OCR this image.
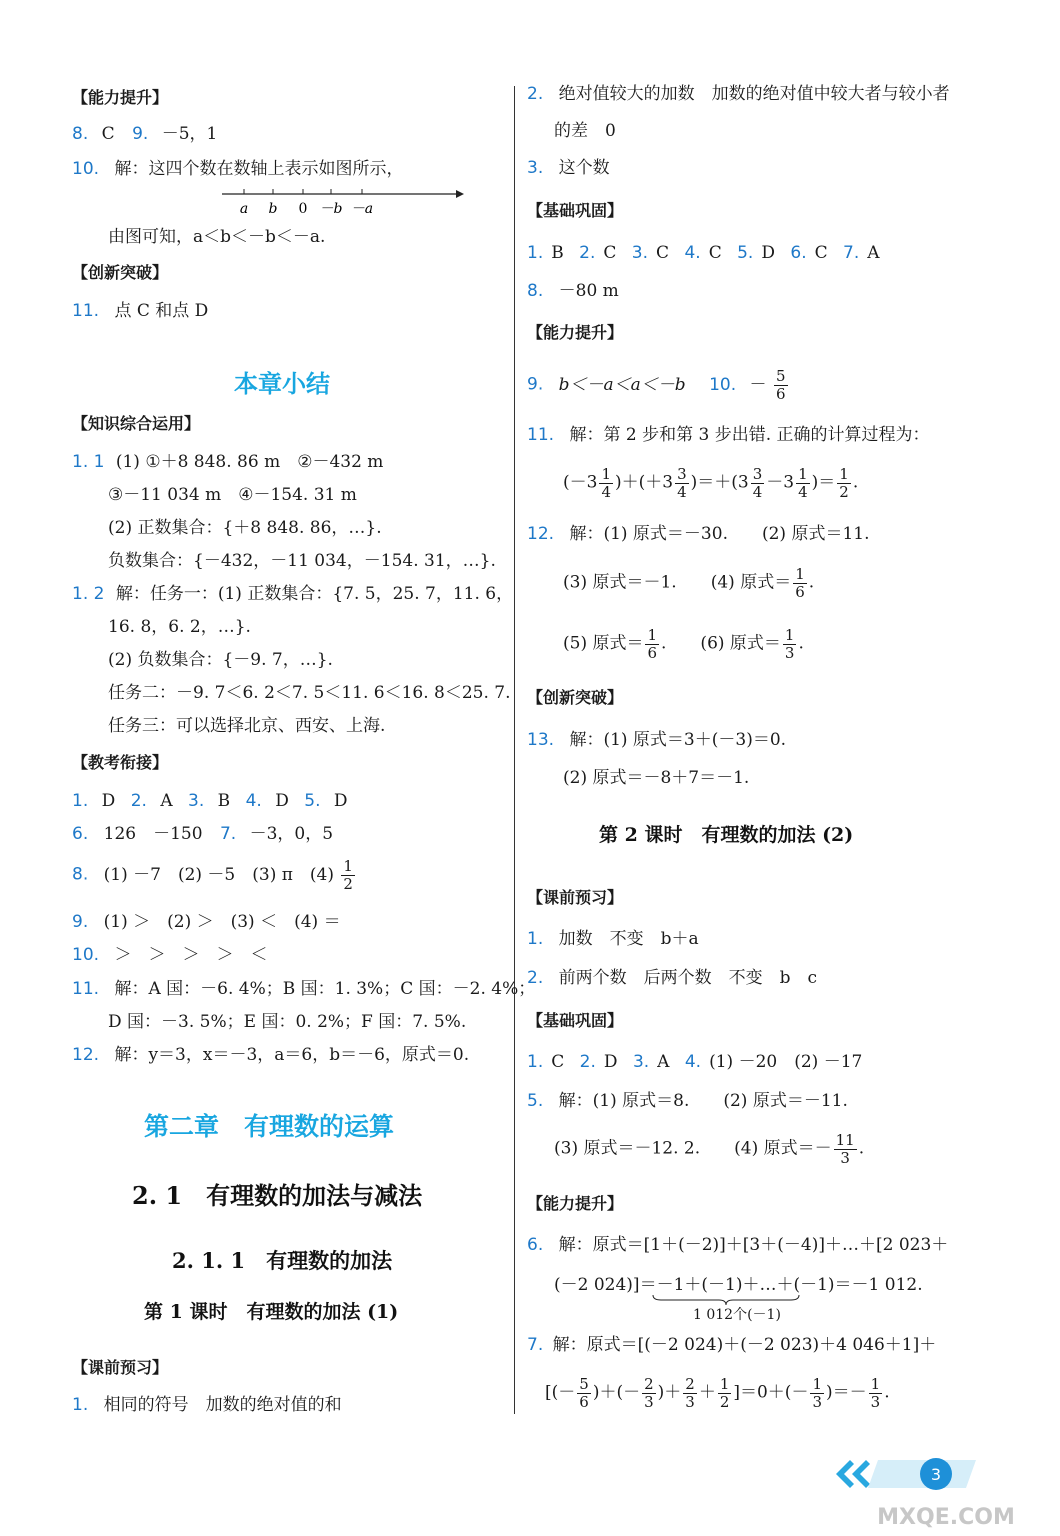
【能力提升】
8. C 9. －5，1
10. 解：这四个数在数轴上表示如图所示，
a b 0 －b －a
由图可知，a＜b＜－b＜－a.
【创新突破】
11. 点 C 和点 D
本章小结
【知识综合运用】
1. 1 (1) ①＋8 848. 86 m　②－432 m
③－11 034 m　④－154. 31 m
(2) 正数集合：{＋8 848. 86，…}.
负数集合：{－432，－11 034，－154. 31，…}.
1. 2 解：任务一：(1) 正数集合：{7. 5，25. 7，11. 6，
16. 8，6. 2，…}.
(2) 负数集合：{－9. 7，…}.
任务二：－9. 7＜6. 2＜7. 5＜11. 6＜16. 8＜25. 7.
任务三：可以选择北京、西安、上海.
【教考衔接】
1. D 2. A 3. B 4. D 5. D
6. 126　－150 7. －3，0，5
8. (1) －7　(2) －5　(3) π　$(4) \frac{1}{2}$
9. (1) ＞　(2) ＞　(3) ＜　(4) ＝
10. ＞　＞　＞　＞　＜
11. 解：A 国：－6. 4%；B 国：1. 3%；C 国：－2. 4%；
D 国：－3. 5%；E 国：0. 2%；F 国：7. 5%.
12. 解：y＝3，x＝－3，a＝6，b＝－6，原式＝0.
第二章　有理数的运算
2. 1　有理数的加法与减法
2. 1. 1　有理数的加法
第 1 课时　有理数的加法 (1)
【课前预习】
1. 相同的符号　加数的绝对值的和
2. 绝对值较大的加数　加数的绝对值中较大者与较小者
的差　0
3. 这个数
【基础巩固】
1. B 2. C 3. C 4. C 5. D 6. C 7. A
8. －80 m
【能力提升】
9. b＜－a＜a＜－b 10. － $\frac{5}{6}$
11. 解：第 2 步和第 3 步出错. 正确的计算过程为：
$(-3 \frac{1}{4} )+(+3 \frac{3}{4} )=+(3 \frac{3}{4} -3 \frac{1}{4}$ )＝ $\frac{1}{2}$ .
12. 解：(1) 原式＝－30.　　(2) 原式＝11.
(3) 原式＝－1.　　(4) 原式＝ $\frac{1}{6}$ .
(5) 原式＝ $\frac{1}{6}$ .　　(6) 原式＝ $\frac{1}{3}$ .
【创新突破】
13. 解：(1) 原式＝3＋(－3)＝0.
(2) 原式＝－8＋7＝－1.
第 2 课时　有理数的加法 (2)
【课前预习】
1. 加数　不变　b＋a
2. 前两个数　后两个数　不变　b　c
【基础巩固】
1. C 2. D 3. A 4. (1) －20　(2) －17
5. 解：(1) 原式＝8.　　(2) 原式＝－11.
(3) 原式＝－12. 2.　　(4) 原式＝－ $\frac{11}{3}$ .
【能力提升】
6. 解：原式＝[1＋(－2)]＋[3＋(－4)]＋…＋[2 023＋
(－2 024)]＝－1＋(－1)＋…＋(－1)＝－1 012.
1 012个(－1)
7. 解：原式＝[(－2 024)＋(－2 023)＋4 046＋1]＋
[(－ $\frac{5}{6}$ )＋(－ $\frac{2}{3}$ )＋ $\frac{2}{3} + \frac{1}{2} ]=0+(- \frac{1}{3}$ )＝－ $\frac{1}{3}$ .
3
MXQE.COM
